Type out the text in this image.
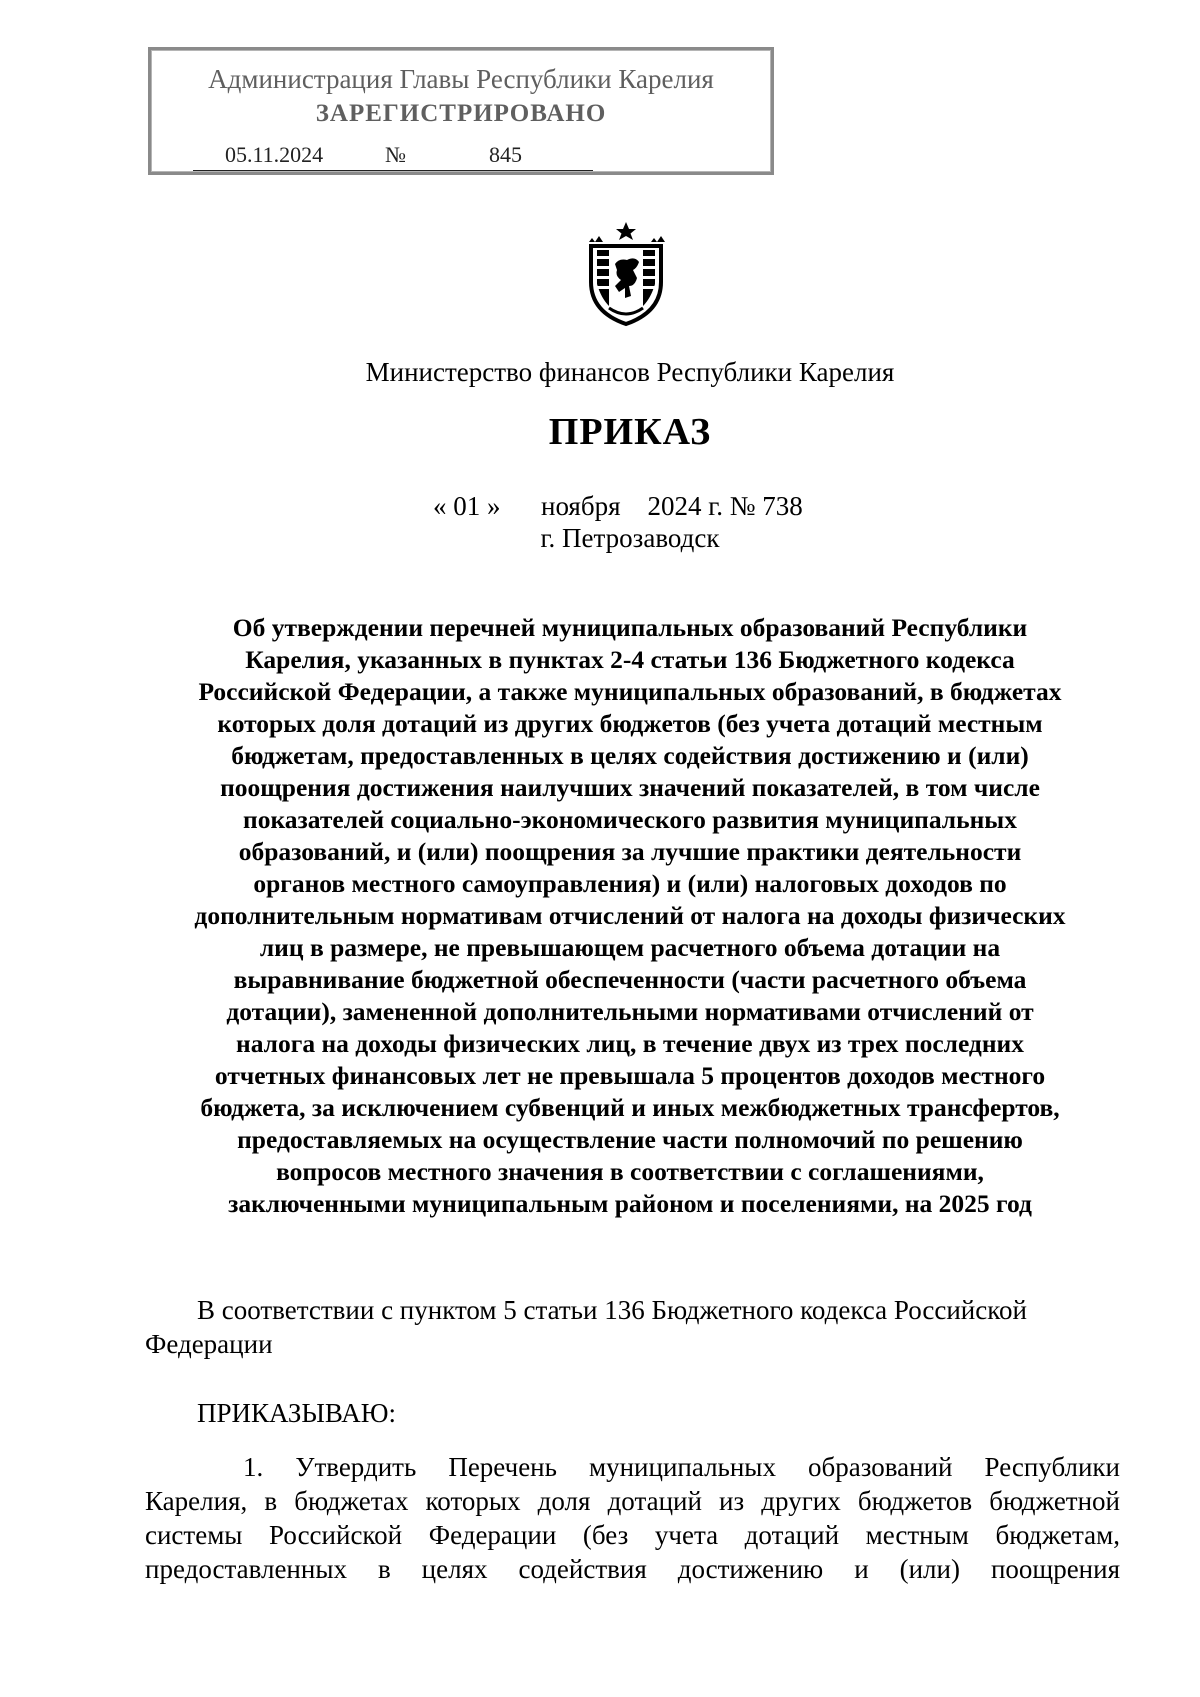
Администрация Главы Республики Карелия
ЗАРЕГИСТРИРОВАНО
05.11.2024	№	845
Министерство финансов Республики Карелия
ПРИКАЗ
« 01 »      ноября    2024 г. № 738
г. Петрозаводск
Об утверждении перечней муниципальных образований Республики
Карелия, указанных в пунктах 2-4 статьи 136 Бюджетного кодекса
Российской Федерации, а также муниципальных образований, в бюджетах
которых доля дотаций из других бюджетов (без учета дотаций местным
бюджетам, предоставленных в целях содействия достижению и (или)
поощрения достижения наилучших значений показателей, в том числе
показателей социально-экономического развития муниципальных
образований, и (или) поощрения за лучшие практики деятельности
органов местного самоуправления) и (или) налоговых доходов по
дополнительным нормативам отчислений от налога на доходы физических
лиц в размере, не превышающем расчетного объема дотации на
выравнивание бюджетной обеспеченности (части расчетного объема
дотации), замененной дополнительными нормативами отчислений от
налога на доходы физических лиц, в течение двух из трех последних
отчетных финансовых лет не превышала 5 процентов доходов местного
бюджета, за исключением субвенций и иных межбюджетных трансфертов,
предоставляемых на осуществление части полномочий по решению
вопросов местного значения в соответствии с соглашениями,
заключенными муниципальным районом и поселениями, на 2025 год
В соответствии с пунктом 5 статьи 136 Бюджетного кодекса Российской
Федерации
ПРИКАЗЫВАЮ:
1. Утвердить Перечень муниципальных образований Республики
Карелия, в бюджетах которых доля дотаций из других бюджетов бюджетной
системы Российской Федерации (без учета дотаций местным бюджетам,
предоставленных в целях содействия достижению и (или) поощрения
